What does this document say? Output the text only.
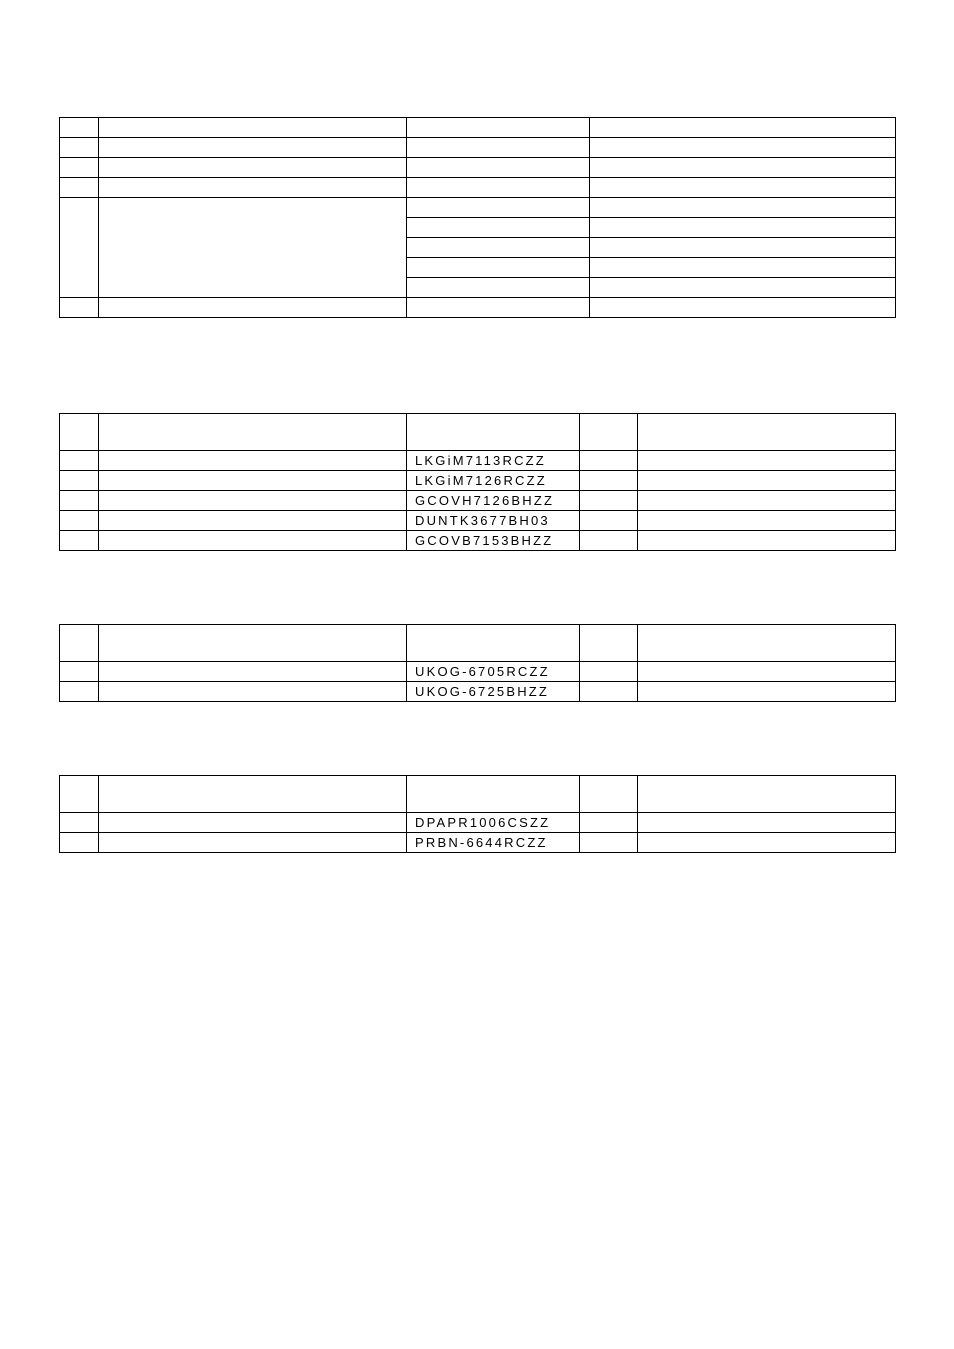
		LKGiM7113RCZZ		
		LKGiM7126RCZZ		
		GCOVH7126BHZZ		
		DUNTK3677BH03		
		GCOVB7153BHZZ		

		UKOG-6705RCZZ		
		UKOG-6725BHZZ		

		DPAPR1006CSZZ		
		PRBN-6644RCZZ		
